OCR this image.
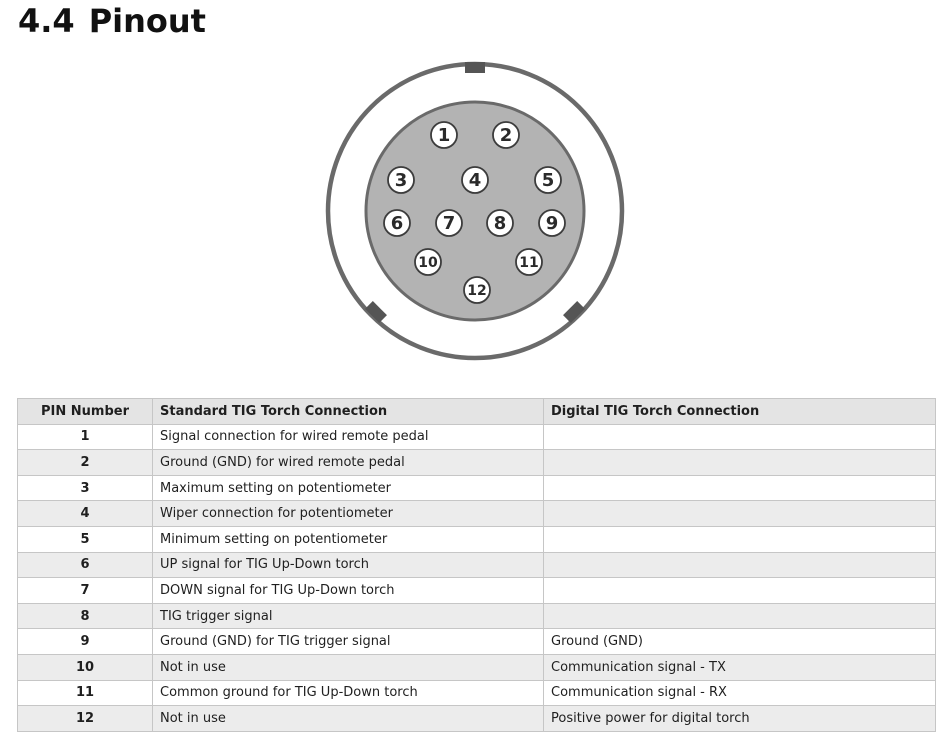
4.4 Pinout
1	2
3	4	5
6 7 8 9
10	11
12
PIN Number	Standard TIG Torch Connection	Digital TIG Torch Connection
1	Signal connection for wired remote pedal	
2	Ground (GND) for wired remote pedal	
3	Maximum setting on potentiometer	
4	Wiper connection for potentiometer	
5	Minimum setting on potentiometer	
6	UP signal for TIG Up-Down torch	
7	DOWN signal for TIG Up-Down torch	
8	TIG trigger signal	
9	Ground (GND) for TIG trigger signal	Ground (GND)
10	Not in use	Communication signal - TX
11	Common ground for TIG Up-Down torch	Communication signal - RX
12	Not in use	Positive power for digital torch
